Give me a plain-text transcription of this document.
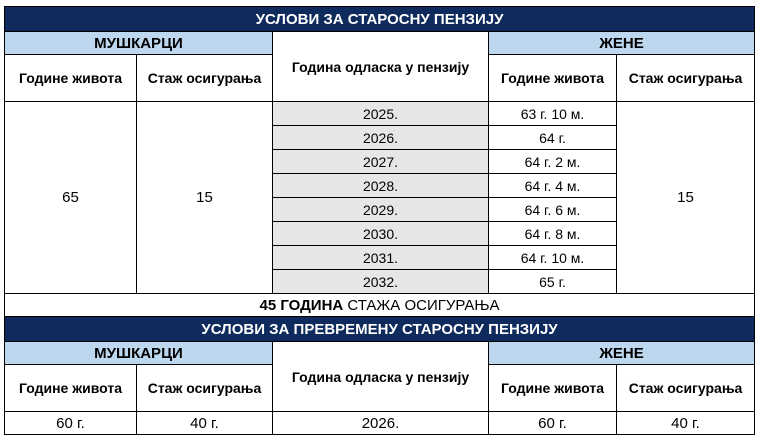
УСЛОВИ ЗА СТАРОСНУ ПЕНЗИЈУ				
МУШКАРЦИ		Година одласка у пензију	ЖЕНЕ	
Године живота	Стаж осигурања		Године живота	Стаж осигурања
65	15	2025.	63 г. 10 м.	15
		2026.	64 г.	
		2027.	64 г. 2 м.	
		2028.	64 г. 4 м.	
		2029.	64 г. 6 м.	
		2030.	64 г. 8 м.	
		2031.	64 г. 10 м.	
		2032.	65 г.	
45 ГОДИНА СТАЖА ОСИГУРАЊА				
УСЛОВИ ЗА ПРЕВРЕМЕНУ СТАРОСНУ ПЕНЗИЈУ				
МУШКАРЦИ		Година одласка у пензију	ЖЕНЕ	
Године живота	Стаж осигурања		Године живота	Стаж осигурања
60 г.	40 г.	2026.	60 г.	40 г.
